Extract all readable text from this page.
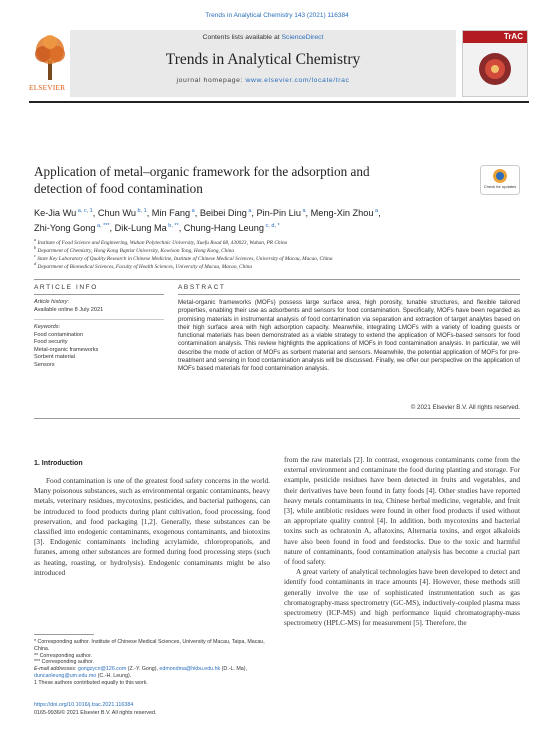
Trends in Analytical Chemistry 143 (2021) 116384
Contents lists available at ScienceDirect
Trends in Analytical Chemistry
journal homepage: www.elsevier.com/locate/trac
ELSEVIER
TrAC
Application of metal–organic framework for the adsorption and
detection of food contamination	Check for updates
Ke-Jia Wu $^{a, c, 1}$, Chun Wu $^{b, 1}$, Min Fang $^a$, Beibei Ding $^a$, Pin-Pin Liu $^a$, Meng-Xin Zhou $^a$,
Zhi-Yong Gong $^{a, ***}$, Dik-Lung Ma $^{b, **}$, Chung-Hang Leung $^{c, d, *}$
$^a$ Institute of Food Science and Engineering, Wuhan Polytechnic University, Xuefu Road 68, 430023, Wuhan, PR China
$^b$ Department of Chemistry, Hong Kong Baptist University, Kowloon Tong, Hong Kong, China
$^c$ State Key Laboratory of Quality Research in Chinese Medicine, Institute of Chinese Medical Sciences, University of Macau, Macao, China
$^d$ Department of Biomedical Sciences, Faculty of Health Sciences, University of Macau, Macao, China
ARTICLE INFO	ABSTRACT
Article history:
Available online 8 July 2021
Keywords:
Food contamination
Food security
Metal-organic frameworks
Sorbent material
Sensors
Metal-organic frameworks (MOFs) possess large surface area, high porosity, tunable structures, and flexible tailored properties, enabling their use as adsorbents and sensors for food contamination. Specifically, MOFs have been regarded as promising materials in instrumental analysis of food contamination via separation and extraction of target analytes based on their high surface area with high adsorption capacity. Meanwhile, integrating LMOFs with a variety of loading guests or functional materials has been demonstrated as a viable strategy to extend the application of MOFs-based sensors for food contamination analysis. This review highlights the applications of MOFs in food contamination analysis. In particular, we will describe the mode of action of MOFs as sorbent material and sensors. Meanwhile, the potential application of MOFs for pre-treatment and sensing in food contamination analysis will be discussed. Finally, we offer our perspective on the application of MOFs based materials for food contamination analysis.
© 2021 Elsevier B.V. All rights reserved.
1. Introduction

Food contamination is one of the greatest food safety concerns in the world. Many poisonous substances, such as environmental organic contaminants, heavy metals, veterinary residues, mycotoxins, pesticides, and bacterial pathogens, can be introduced to food products during plant cultivation, food processing, food preservation, and food packaging [1,2]. Generally, these substances can be classified into endogenic contaminants, exogenous contaminants, and biotoxins [3]. Endogenic contaminants including acrylamide, chloropropanols, and furanes, among other substances are formed during food processing steps (such as heating, roasting, or hydrolysis). Endogenic contaminants might be also introduced

from the raw materials [2]. In contrast, exogenous contaminants come from the external environment and contaminate the food during planting and storage. For example, pesticide residues have been detected in fruits and vegetables, and their derivatives have been found in fatty foods [4]. Other studies have reported heavy metals contaminants in tea, Chinese herbal medicine, vegetable, and fruit [3], while antibiotic residues were found in other food products if used without an appropriate quality control [4]. In addition, both mycotoxins and bacterial toxins such as ochratoxin A, aflatoxins, Alternaria toxins, and ergot alkaloids have also been found in food and feedstocks. Due to the toxic and harmful nature of contaminants, food contamination analysis has become a crucial part of food safety.

A great variety of analytical technologies have been developed to detect and identify food contaminants in trace amounts [4]. However, these methods still generally involve the use of sophisticated instrumentation such as gas chromatography-mass spectrometry (GC-MS), inductively-coupled plasma mass spectrometry (ICP-MS) and high performance liquid chromatography-mass spectrometry (HPLC-MS) for measurement [5]. Therefore, the

* Corresponding author. Institute of Chinese Medical Sciences, University of Macau, Taipa, Macau, China.
** Corresponding author.
*** Corresponding author.
E-mail addresses: gongzycn@126.com (Z.-Y. Gong), edmondma@hkbu.edu.hk (D.-L. Ma), duncanleung@um.edu.mo (C.-H. Leung).
1 These authors contributed equally to this work.
https://doi.org/10.1016/j.trac.2021.116384
0165-9936/© 2021 Elsevier B.V. All rights reserved.
